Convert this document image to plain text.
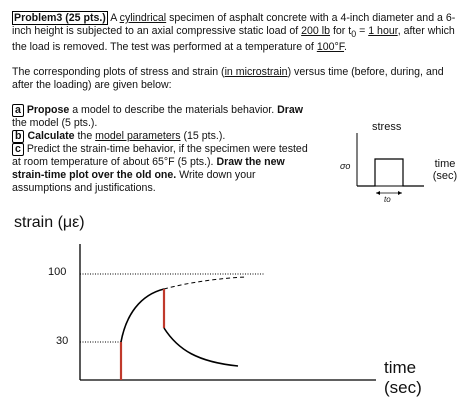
Problem3 (25 pts.) A cylindrical specimen of asphalt concrete with a 4-inch diameter and a 6-inch height is subjected to an axial compressive static load of 200 lb for $t_0 = 1$ hour, after which the load is removed. The test was performed at a temperature of 100°F.
The corresponding plots of stress and strain (in microstrain) versus time (before, during, and after the loading) are given below:
a Propose a model to describe the materials behavior. Draw the model (5 pts.).
b Calculate the model parameters (15 pts.).
c Predict the strain-time behavior, if the specimen were tested at room temperature of about 65°F (5 pts.). Draw the new strain-time plot over the old one. Write down your assumptions and justifications.
stress
σo	time
(sec)
to
strain (με)
100
30
time
(sec)
